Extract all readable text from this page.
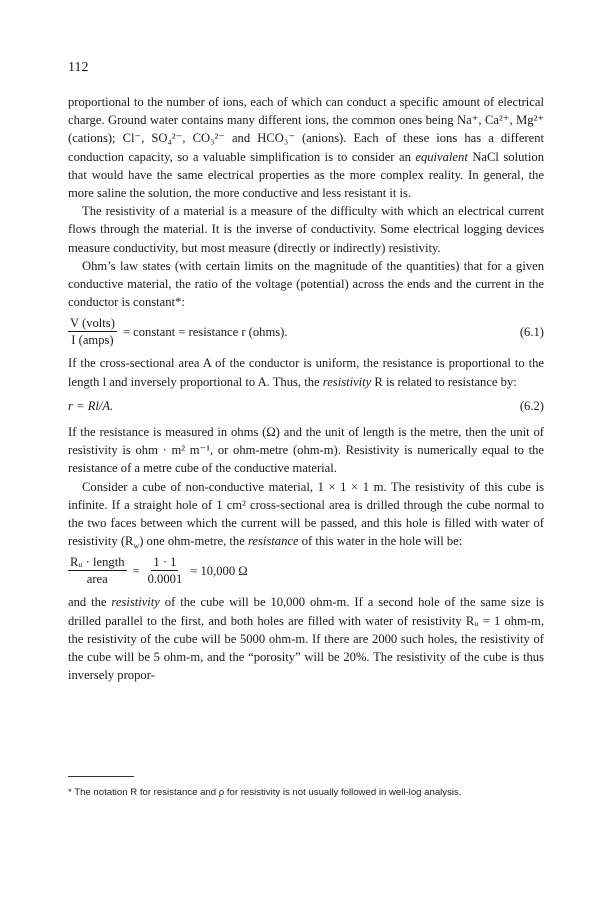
112

proportional to the number of ions, each of which can conduct a specific amount of electrical charge. Ground water contains many different ions, the common ones being Na⁺, Ca²⁺, Mg²⁺ (cations); Cl⁻, SO₄²⁻, CO₃²⁻ and HCO₃⁻ (anions). Each of these ions has a different conduction capacity, so a valuable simplification is to consider an equivalent NaCl solution that would have the same electrical properties as the more complex reality. In general, the more saline the solution, the more conductive and less resistant it is.

The resistivity of a material is a measure of the difficulty with which an electrical current flows through the material. It is the inverse of conductivity. Some electrical logging devices measure conductivity, but most measure (directly or indirectly) resistivity.

Ohm’s law states (with certain limits on the magnitude of the quantities) that for a given conductive material, the ratio of the voltage (potential) across the ends and the current in the conductor is constant*:

$\frac{\text{V (volts)}}{\text{I (amps)}}$ = constant = resistance r (ohms).	(6.1)

If the cross-sectional area A of the conductor is uniform, the resistance is proportional to the length l and inversely proportional to A. Thus, the resistivity R is related to resistance by:

r = Rl/A.	(6.2)

If the resistance is measured in ohms (Ω) and the unit of length is the metre, then the unit of resistivity is ohm · m² m⁻¹, or ohm-metre (ohm-m). Resistivity is numerically equal to the resistance of a metre cube of the conductive material.

Consider a cube of non-conductive material, 1 × 1 × 1 m. The resistivity of this cube is infinite. If a straight hole of 1 cm² cross-sectional area is drilled through the cube normal to the two faces between which the current will be passed, and this hole is filled with water of resistivity $(R_w)$ one ohm-metre, the resistance of this water in the hole will be:

$\frac{\text{Rᵤ · length}}{\text{area}} = \frac{1 \cdot 1}{0.0001} = 10,000$ Ω

and the resistivity of the cube will be 10,000 ohm-m. If a second hole of the same size is drilled parallel to the first, and both holes are filled with water of resistivity Rᵤ = 1 ohm-m, the resistivity of the cube will be 5000 ohm-m. If there are 2000 such holes, the resistivity of the cube will be 5 ohm-m, and the “porosity” will be 20%. The resistivity of the cube is thus inversely propor-

* The notation R for resistance and ρ for resistivity is not usually followed in well-log analysis.
